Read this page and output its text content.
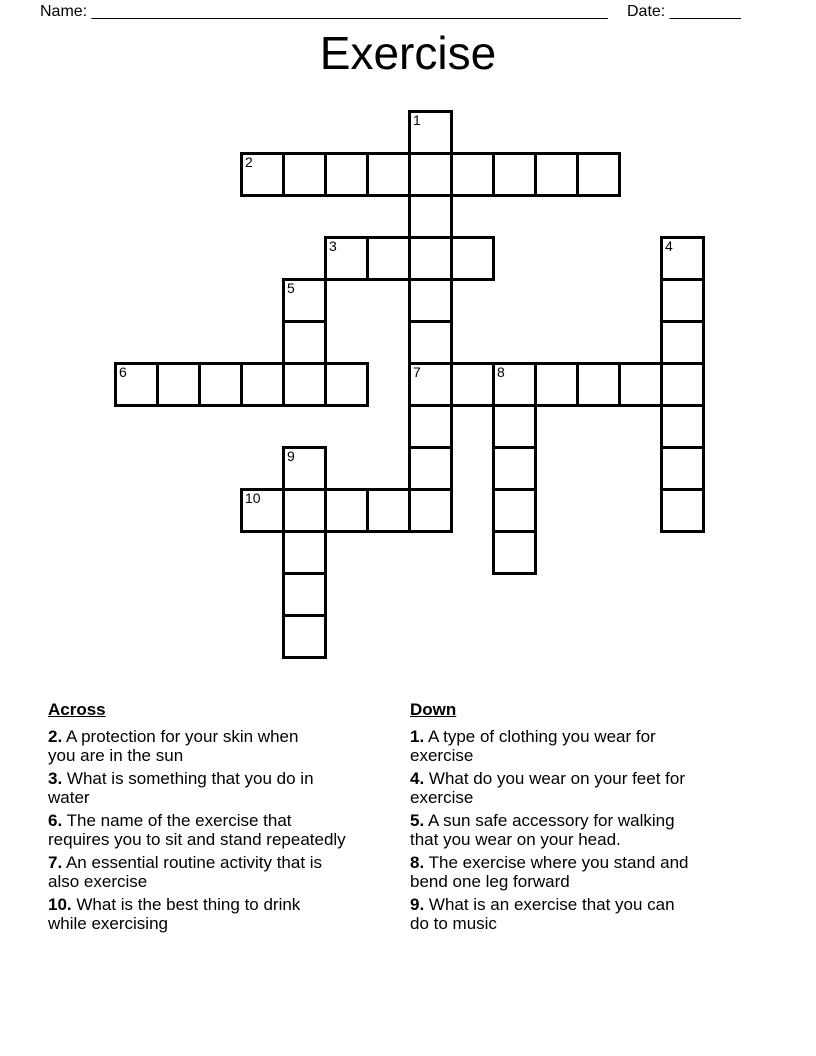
Name: __________________________________________________________ Date: ________
Exercise
1
7
2
3	4
5
6	8
9
10
Across
2. A protection for your skin when
you are in the sun
3. What is something that you do in
water
6. The name of the exercise that
requires you to sit and stand repeatedly
7. An essential routine activity that is
also exercise
10. What is the best thing to drink
while exercising
Down
1. A type of clothing you wear for
exercise
4. What do you wear on your feet for
exercise
5. A sun safe accessory for walking
that you wear on your head.
8. The exercise where you stand and
bend one leg forward
9. What is an exercise that you can
do to music
